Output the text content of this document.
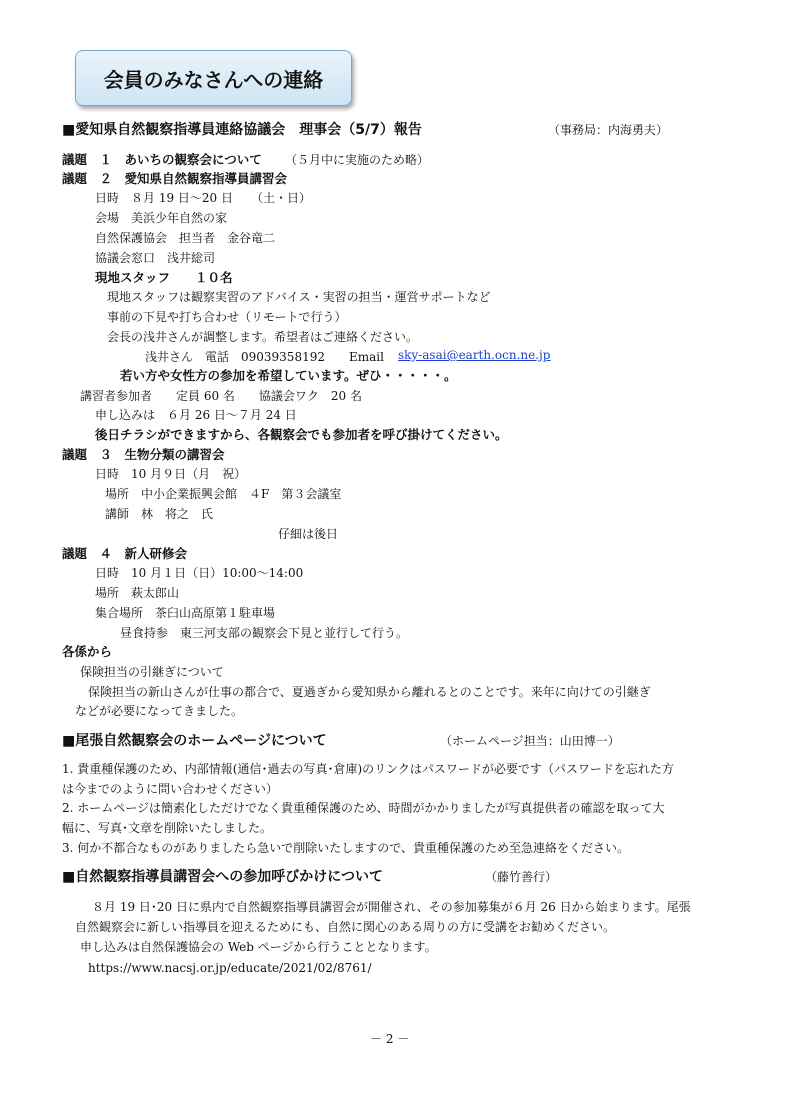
会員のみなさんへの連絡
■愛知県自然観察指導員連絡協議会　理事会（5/7）報告	（事務局：内海勇夫）
議題　１　あいちの観察会について （５月中に実施のため略）
議題　２　愛知県自然観察指導員講習会
日時　８月 19 日～20 日　　（土・日）
会場　美浜少年自然の家
自然保護協会　担当者　金谷竜二
協議会窓口　浅井総司
現地スタッフ　　１０名
現地スタッフは観察実習のアドバイス・実習の担当・運営サポートなど
事前の下見や打ち合わせ（リモートで行う）
会長の浅井さんが調整します。希望者はご連絡ください。
浅井さん　電話　09039358192　　Email sky-asai@earth.ocn.ne.jp
若い方や女性方の参加を希望しています。ぜひ・・・・・。
講習者参加者　　定員 60 名　　協議会ワク　20 名
申し込みは　６月 26 日～７月 24 日
後日チラシができますから、各観察会でも参加者を呼び掛けてください。
議題　３　生物分類の講習会
日時　10 月９日（月　祝）
場所　中小企業振興会館　４F　第３会議室
講師　林　将之　氏
仔細は後日
議題　４　新人研修会
日時　10 月１日（日）10:00～14:00
場所　萩太郎山
集合場所　茶臼山高原第１駐車場
昼食持参　東三河支部の観察会下見と並行して行う。
各係から
保険担当の引継ぎについて
保険担当の新山さんが仕事の都合で、夏過ぎから愛知県から離れるとのことです。来年に向けての引継ぎ
などが必要になってきました。
■尾張自然観察会のホームページについて	（ホームページ担当：山田博一）
1. 貴重種保護のため、内部情報(通信･過去の写真･倉庫)のリンクはパスワードが必要です（パスワードを忘れた方
は今までのように問い合わせください）
2. ホームページは簡素化しただけでなく貴重種保護のため、時間がかかりましたが写真提供者の確認を取って大
幅に、写真･文章を削除いたしました。
3. 何か不都合なものがありましたら急いで削除いたしますので、貴重種保護のため至急連絡をください。
■自然観察指導員講習会への参加呼びかけについて	（藤竹善行）
８月 19 日･20 日に県内で自然観察指導員講習会が開催され、その参加募集が６月 26 日から始まります。尾張
自然観察会に新しい指導員を迎えるためにも、自然に関心のある周りの方に受講をお勧めください。
申し込みは自然保護協会の Web ページから行うこととなります。
https://www.nacsj.or.jp/educate/2021/02/8761/
－ 2 －
